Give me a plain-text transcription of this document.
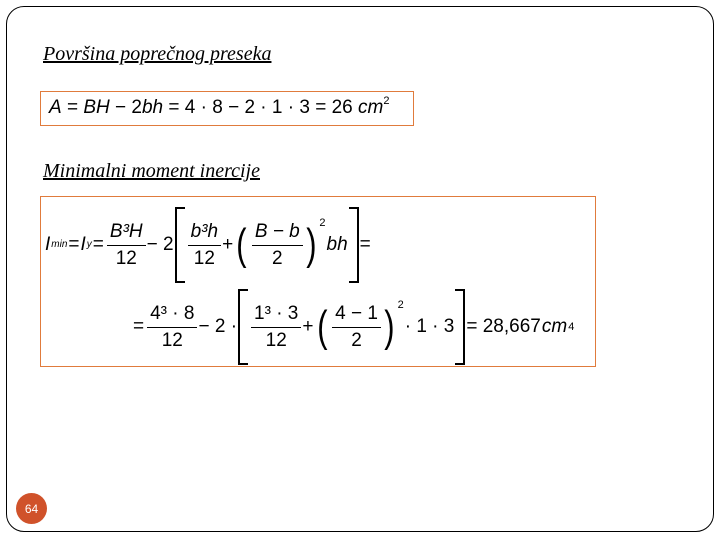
Površina poprečnog preseka
A = BH − 2bh = 4 · 8 − 2 · 1 · 3 = 26 $cm^2$
Minimalni moment inercije
I min = I $y = \frac{\text{B³H}}{12} - 2 \frac{\text{b³h}}{12}$ + ( $\frac{B - b}{2}$ ) 2
bh =
= $\frac{\text{4³ · 8}}{12} - 2 \cdot \frac{\text{1³ · 3}}{12}$ + ( $\frac{4 - 1}{2}$ ) 2
· 1 · 3 = 28,667 cm 4
64
